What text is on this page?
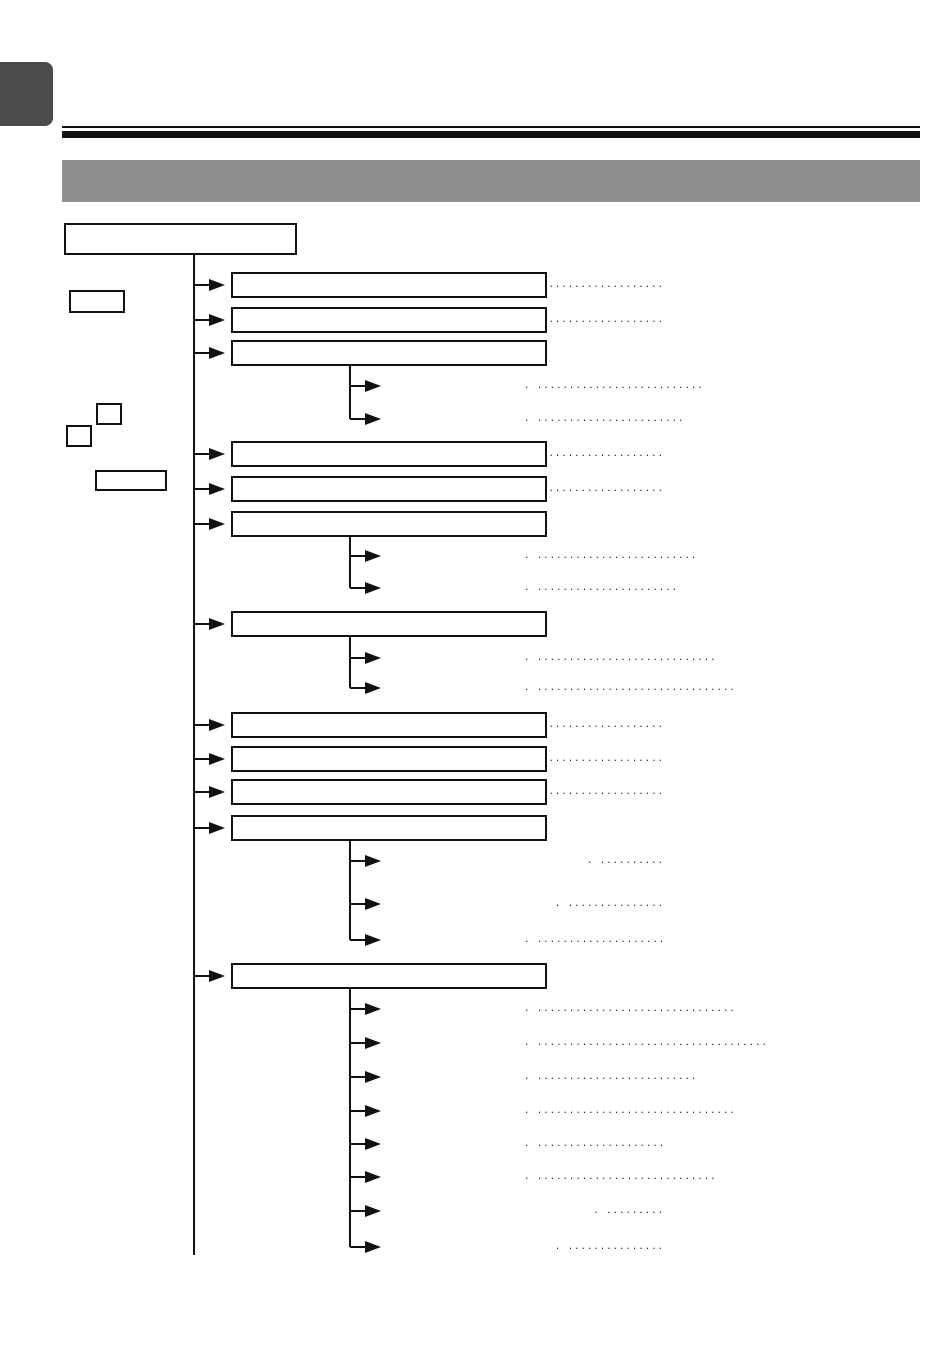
..................
..................
. ..........................
. .......................
..................
..................
. .........................
. ......................
. ............................
. ...............................
..................
..................
..................
. ..........
. ...............
. ....................
. ...............................
. ....................................
. .........................
. ...............................
. ....................
. ............................
. .........
. ...............
